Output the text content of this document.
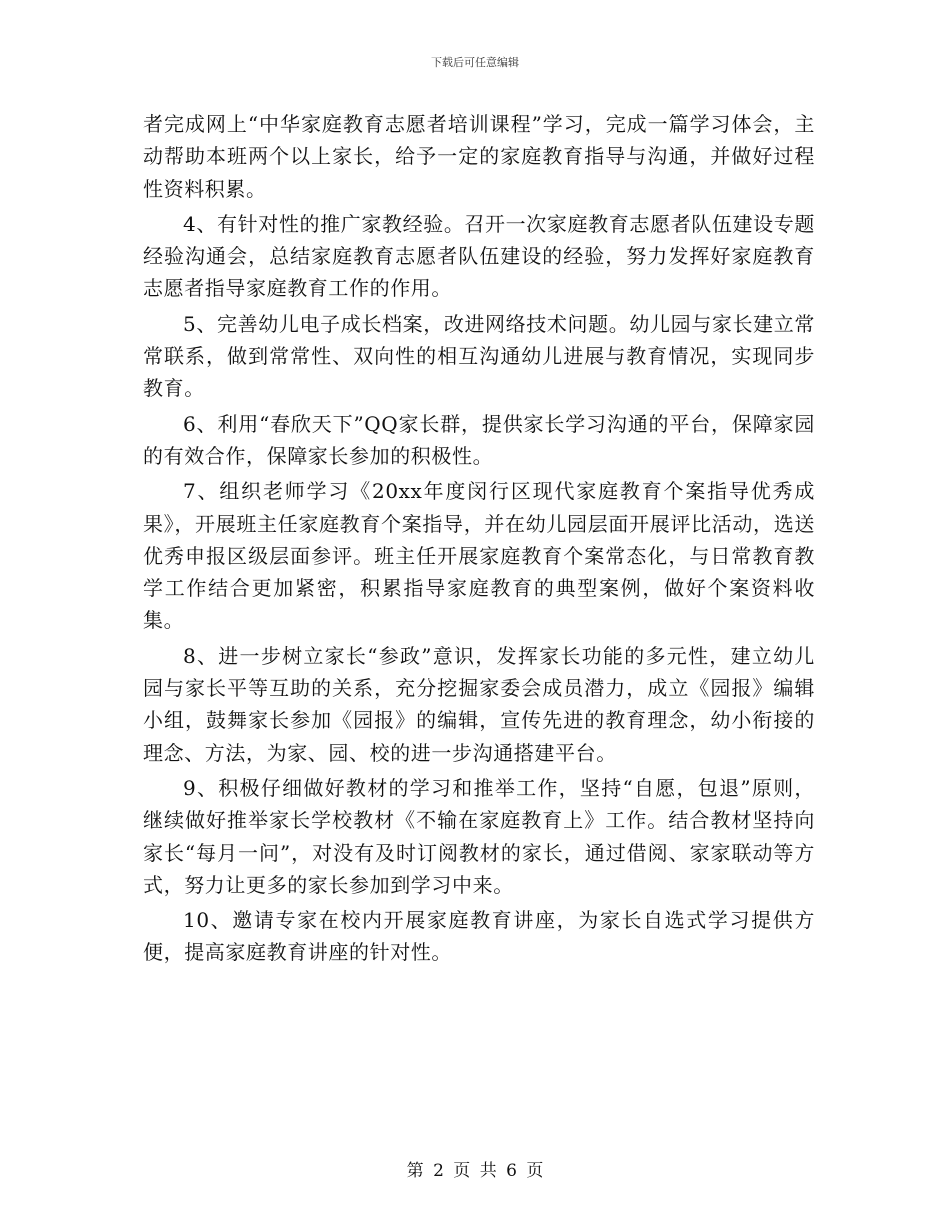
下载后可任意编辑

者完成网上“中华家庭教育志愿者培训课程”学习，完成一篇学习体会，主动帮助本班两个以上家长，给予一定的家庭教育指导与沟通，并做好过程性资料积累。

4、有针对性的推广家教经验。召开一次家庭教育志愿者队伍建设专题经验沟通会，总结家庭教育志愿者队伍建设的经验，努力发挥好家庭教育志愿者指导家庭教育工作的作用。

5、完善幼儿电子成长档案，改进网络技术问题。幼儿园与家长建立常常联系，做到常常性、双向性的相互沟通幼儿进展与教育情况，实现同步教育。

6、利用“春欣天下”QQ家长群，提供家长学习沟通的平台，保障家园的有效合作，保障家长参加的积极性。

7、组织老师学习《20xx年度闵行区现代家庭教育个案指导优秀成果》，开展班主任家庭教育个案指导，并在幼儿园层面开展评比活动，选送优秀申报区级层面参评。班主任开展家庭教育个案常态化，与日常教育教学工作结合更加紧密，积累指导家庭教育的典型案例，做好个案资料收集。

8、进一步树立家长“参政”意识，发挥家长功能的多元性，建立幼儿园与家长平等互助的关系，充分挖掘家委会成员潜力，成立《园报》编辑小组，鼓舞家长参加《园报》的编辑，宣传先进的教育理念，幼小衔接的理念、方法，为家、园、校的进一步沟通搭建平台。

9、积极仔细做好教材的学习和推举工作，坚持“自愿，包退”原则，继续做好推举家长学校教材《不输在家庭教育上》工作。结合教材坚持向家长“每月一问”，对没有及时订阅教材的家长，通过借阅、家家联动等方式，努力让更多的家长参加到学习中来。

10、邀请专家在校内开展家庭教育讲座，为家长自选式学习提供方便，提高家庭教育讲座的针对性。

第 2 页 共 6 页
